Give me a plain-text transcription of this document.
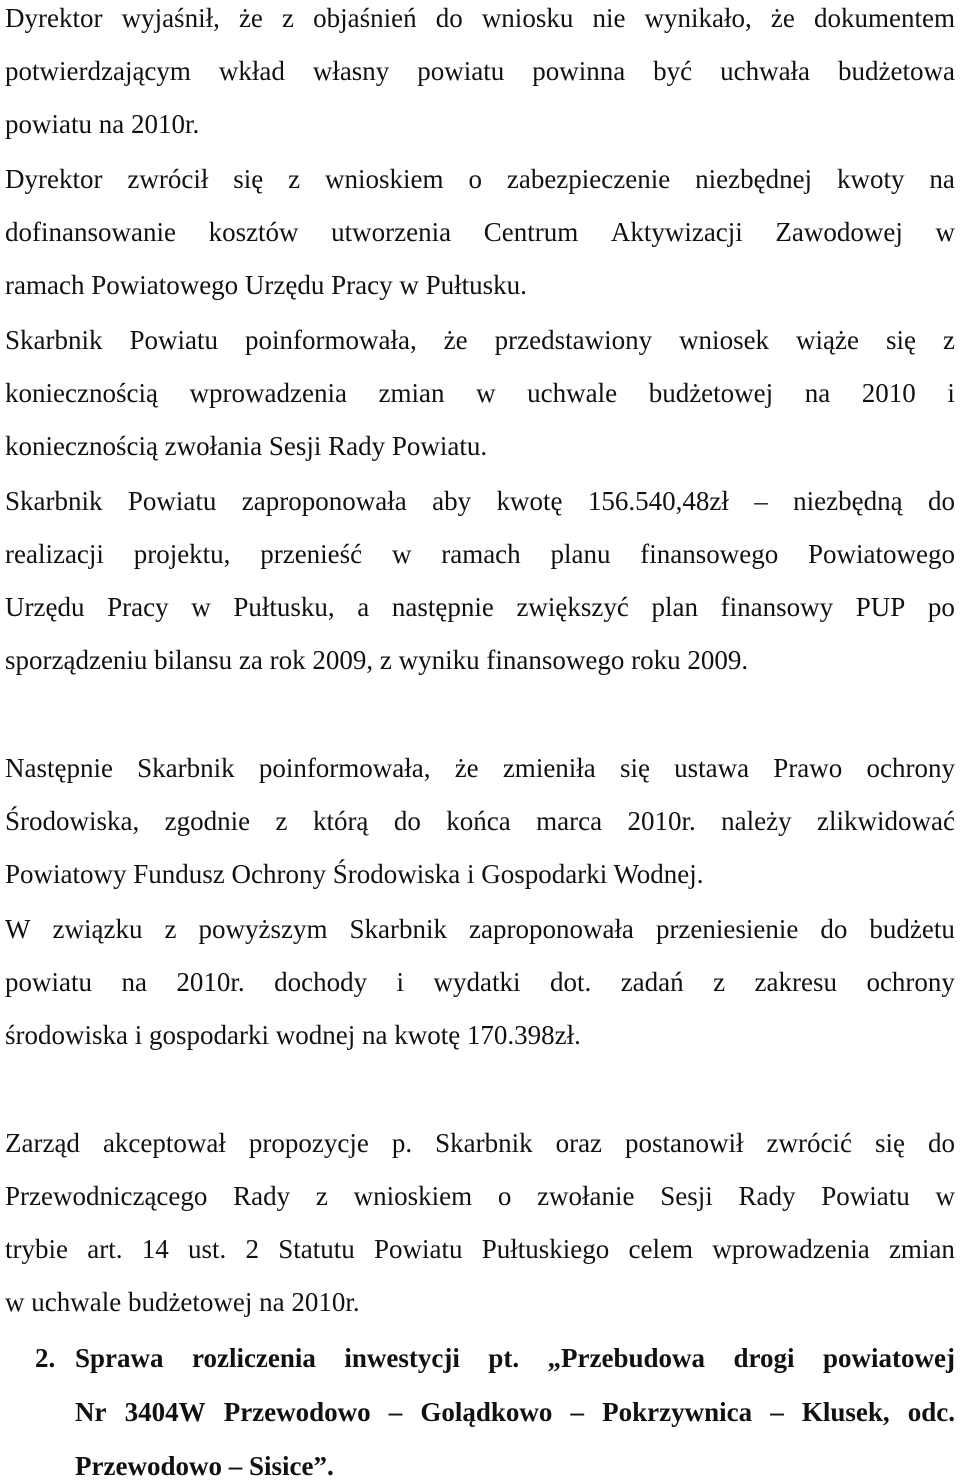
Dyrektor wyjaśnił, że z objaśnień do wniosku nie wynikało, że dokumentem
potwierdzającym wkład własny powiatu powinna być uchwała budżetowa
powiatu na 2010r.
Dyrektor zwrócił się z wnioskiem o zabezpieczenie niezbędnej kwoty na
dofinansowanie kosztów utworzenia Centrum Aktywizacji Zawodowej w
ramach Powiatowego Urzędu Pracy w Pułtusku.
Skarbnik Powiatu poinformowała, że przedstawiony wniosek wiąże się z
koniecznością wprowadzenia zmian w uchwale budżetowej na 2010 i
koniecznością zwołania Sesji Rady Powiatu.
Skarbnik Powiatu zaproponowała aby kwotę 156.540,48zł – niezbędną do
realizacji projektu, przenieść w ramach planu finansowego Powiatowego
Urzędu Pracy w Pułtusku, a następnie zwiększyć plan finansowy PUP po
sporządzeniu bilansu za rok 2009, z wyniku finansowego roku 2009.
Następnie Skarbnik poinformowała, że zmieniła się ustawa Prawo ochrony
Środowiska, zgodnie z którą do końca marca 2010r. należy zlikwidować
Powiatowy Fundusz Ochrony Środowiska i Gospodarki Wodnej.
W związku z powyższym Skarbnik zaproponowała przeniesienie do budżetu
powiatu na 2010r. dochody i wydatki dot. zadań z zakresu ochrony
środowiska i gospodarki wodnej na kwotę 170.398zł.
Zarząd akceptował propozycje p. Skarbnik oraz postanowił zwrócić się do
Przewodniczącego Rady z wnioskiem o zwołanie Sesji Rady Powiatu w
trybie art. 14 ust. 2 Statutu Powiatu Pułtuskiego celem wprowadzenia zmian
w uchwale budżetowej na 2010r.
2. Sprawa rozliczenia inwestycji pt. „Przebudowa drogi powiatowej
Nr 3404W Przewodowo – Golądkowo – Pokrzywnica – Klusek, odc.
Przewodowo – Sisice”.
